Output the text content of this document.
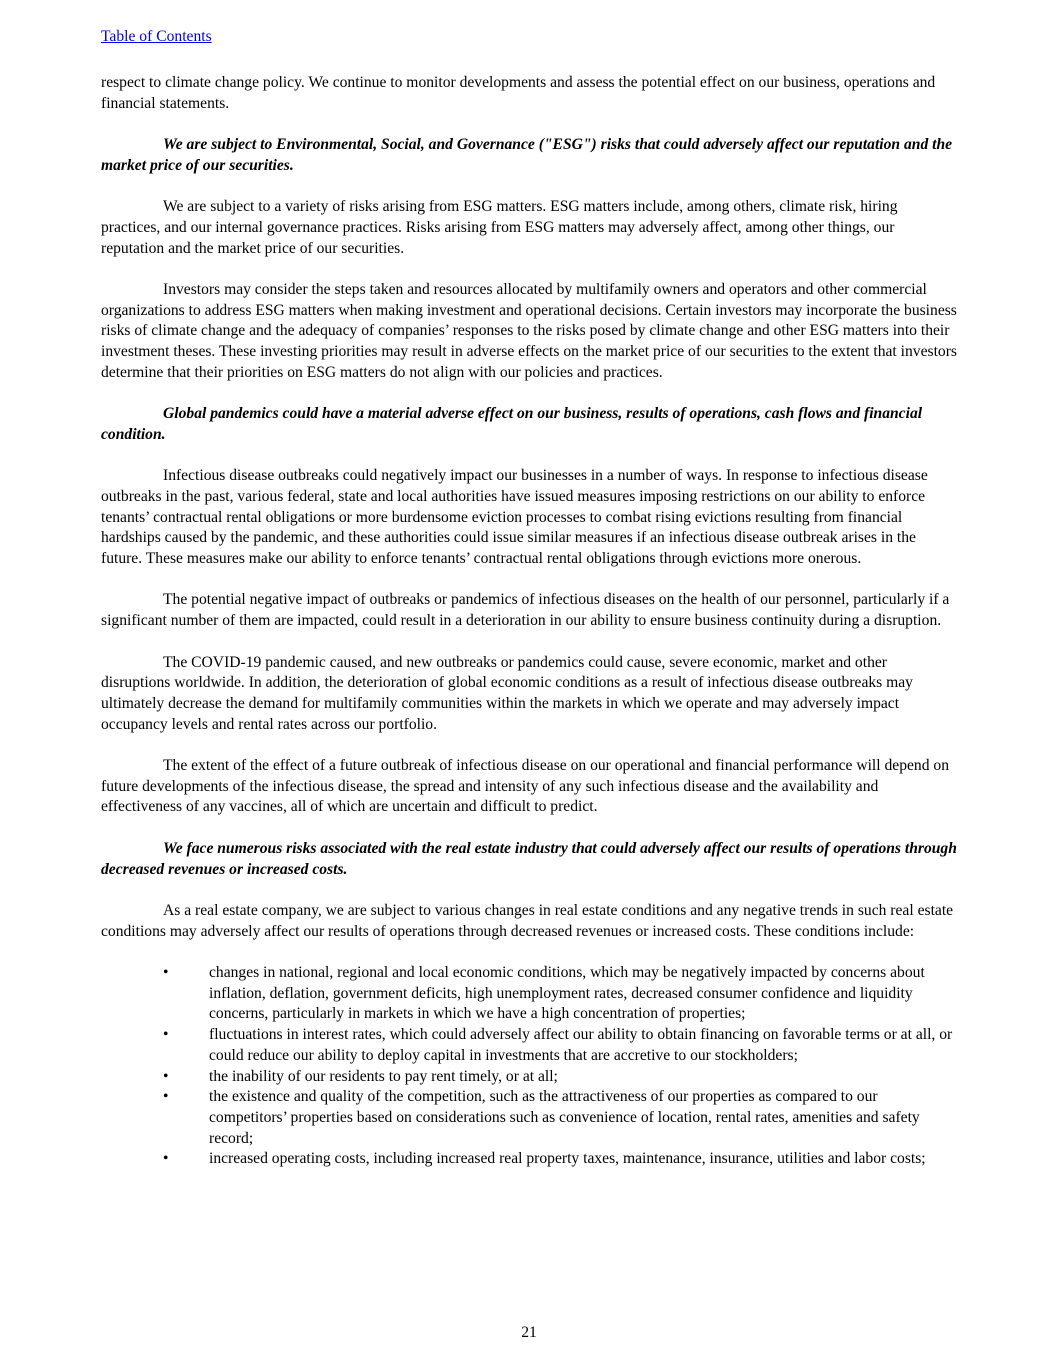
Table of Contents

respect to climate change policy. We continue to monitor developments and assess the potential effect on our business, operations and financial statements.

We are subject to Environmental, Social, and Governance ("ESG") risks that could adversely affect our reputation and the market price of our securities.

We are subject to a variety of risks arising from ESG matters. ESG matters include, among others, climate risk, hiring practices, and our internal governance practices. Risks arising from ESG matters may adversely affect, among other things, our reputation and the market price of our securities.

Investors may consider the steps taken and resources allocated by multifamily owners and operators and other commercial organizations to address ESG matters when making investment and operational decisions. Certain investors may incorporate the business risks of climate change and the adequacy of companies’ responses to the risks posed by climate change and other ESG matters into their investment theses. These investing priorities may result in adverse effects on the market price of our securities to the extent that investors determine that their priorities on ESG matters do not align with our policies and practices.

Global pandemics could have a material adverse effect on our business, results of operations, cash flows and financial condition.

Infectious disease outbreaks could negatively impact our businesses in a number of ways. In response to infectious disease outbreaks in the past, various federal, state and local authorities have issued measures imposing restrictions on our ability to enforce tenants’ contractual rental obligations or more burdensome eviction processes to combat rising evictions resulting from financial hardships caused by the pandemic, and these authorities could issue similar measures if an infectious disease outbreak arises in the future. These measures make our ability to enforce tenants’ contractual rental obligations through evictions more onerous.

The potential negative impact of outbreaks or pandemics of infectious diseases on the health of our personnel, particularly if a significant number of them are impacted, could result in a deterioration in our ability to ensure business continuity during a disruption.

The COVID-19 pandemic caused, and new outbreaks or pandemics could cause, severe economic, market and other disruptions worldwide. In addition, the deterioration of global economic conditions as a result of infectious disease outbreaks may ultimately decrease the demand for multifamily communities within the markets in which we operate and may adversely impact occupancy levels and rental rates across our portfolio.

The extent of the effect of a future outbreak of infectious disease on our operational and financial performance will depend on future developments of the infectious disease, the spread and intensity of any such infectious disease and the availability and effectiveness of any vaccines, all of which are uncertain and difficult to predict.

We face numerous risks associated with the real estate industry that could adversely affect our results of operations through decreased revenues or increased costs.

As a real estate company, we are subject to various changes in real estate conditions and any negative trends in such real estate conditions may adversely affect our results of operations through decreased revenues or increased costs. These conditions include:

•	changes in national, regional and local economic conditions, which may be negatively impacted by concerns about inflation, deflation, government deficits, high unemployment rates, decreased consumer confidence and liquidity concerns, particularly in markets in which we have a high concentration of properties;
•	fluctuations in interest rates, which could adversely affect our ability to obtain financing on favorable terms or at all, or could reduce our ability to deploy capital in investments that are accretive to our stockholders;
•	the inability of our residents to pay rent timely, or at all;
•	the existence and quality of the competition, such as the attractiveness of our properties as compared to our competitors’ properties based on considerations such as convenience of location, rental rates, amenities and safety record;
•	increased operating costs, including increased real property taxes, maintenance, insurance, utilities and labor costs;
21
